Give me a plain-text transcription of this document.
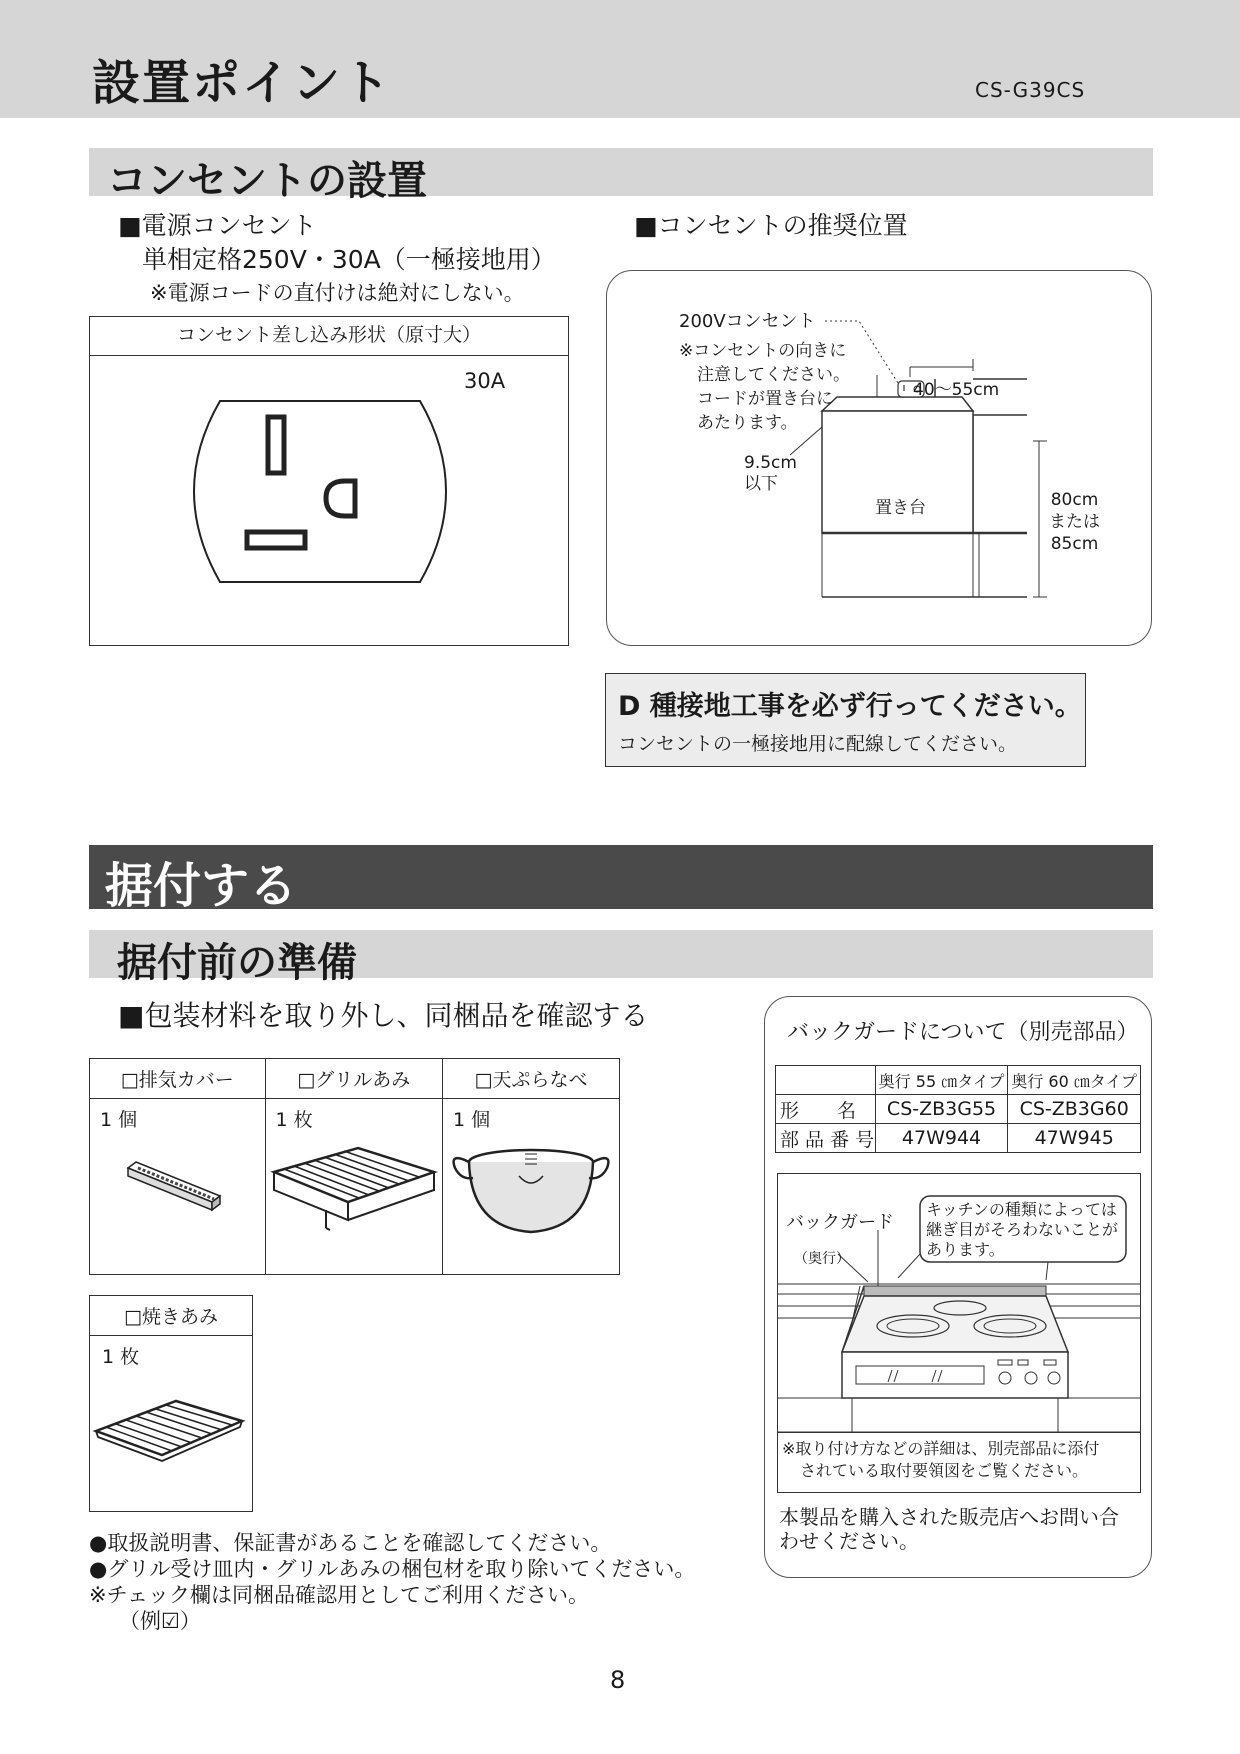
設置ポイント	CS-G39CS
コンセントの設置
■電源コンセント
単相定格250V・30A（一極接地用）
※電源コードの直付けは絶対にしない。
コンセント差し込み形状（原寸大）
30A
■コンセントの推奨位置
200Vコンセント
※コンセントの向きに
注意してください。
コードが置き台に
あたります。
40〜55cm
9.5cm
以下
置き台	80cm
または
85cm
D 種接地工事を必ず行ってください。
コンセントの一極接地用に配線してください。
据付する
据付前の準備
■包装材料を取り外し、同梱品を確認する
□排気カバー	□グリルあみ	□天ぷらなべ

1 個	1 枚	1 個
□焼きあみ

1 枚
●取扱説明書、保証書があることを確認してください。
●グリル受け皿内・グリルあみの梱包材を取り除いてください。
※チェック欄は同梱品確認用としてご利用ください。
（例☑）
バックガードについて（別売部品）
	奥行 55 ㎝タイプ	奥行 60 ㎝タイプ
形　　名	CS-ZB3G55	CS-ZB3G60
部 品 番 号	47W944	47W945
バックガード
（奥行）
キッチンの種類によっては
継ぎ目がそろわないことが
あります。
※取り付け方などの詳細は、別売部品に添付
されている取付要領図をご覧ください。
本製品を購入された販売店へお問い合
わせください。
8
